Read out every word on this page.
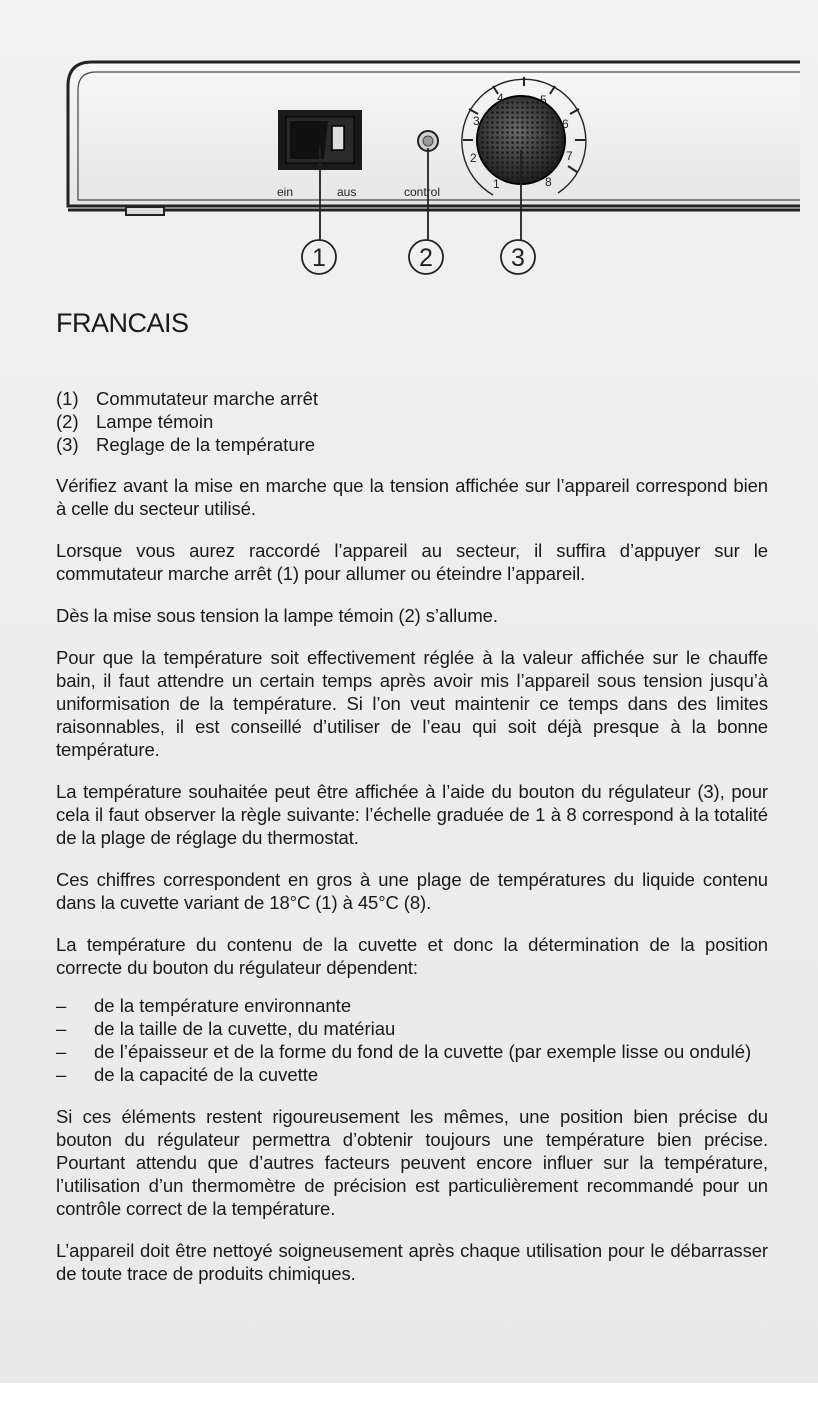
ein	aus	control
1
2
3
4	5
6
7
8
1	2	3
FRANCAIS
(1) Commutateur marche arrêt
(2) Lampe témoin
(3) Reglage de la température

Vérifiez avant la mise en marche que la tension affichée sur l’appareil correspond bien à celle du secteur utilisé.

Lorsque vous aurez raccordé l’appareil au secteur, il suffira d’appuyer sur le commutateur marche arrêt (1) pour allumer ou éteindre l’appareil.

Dès la mise sous tension la lampe témoin (2) s’allume.

Pour que la température soit effectivement réglée à la valeur affichée sur le chauffe bain, il faut attendre un certain temps après avoir mis l’appareil sous tension jusqu’à uniformisation de la température. Si l’on veut maintenir ce temps dans des limites raisonnables, il est conseillé d’utiliser de l’eau qui soit déjà presque à la bonne température.

La température souhaitée peut être affichée à l’aide du bouton du régulateur (3), pour cela il faut observer la règle suivante: l’échelle graduée de 1 à 8 correspond à la totalité de la plage de réglage du thermostat.

Ces chiffres correspondent en gros à une plage de températures du liquide contenu dans la cuvette variant de 18°C (1) à 45°C (8).

La température du contenu de la cuvette et donc la détermination de la position correcte du bouton du régulateur dépendent:

–	de la température environnante
–	de la taille de la cuvette, du matériau
–	de l’épaisseur et de la forme du fond de la cuvette (par exemple lisse ou ondulé)
–	de la capacité de la cuvette

Si ces éléments restent rigoureusement les mêmes, une position bien précise du bouton du régulateur permettra d’obtenir toujours une température bien précise. Pourtant attendu que d’autres facteurs peuvent encore influer sur la température, l’utilisation d’un thermomètre de précision est particulièrement recommandé pour un contrôle correct de la température.

L’appareil doit être nettoyé soigneusement après chaque utilisation pour le débarrasser de toute trace de produits chimiques.
